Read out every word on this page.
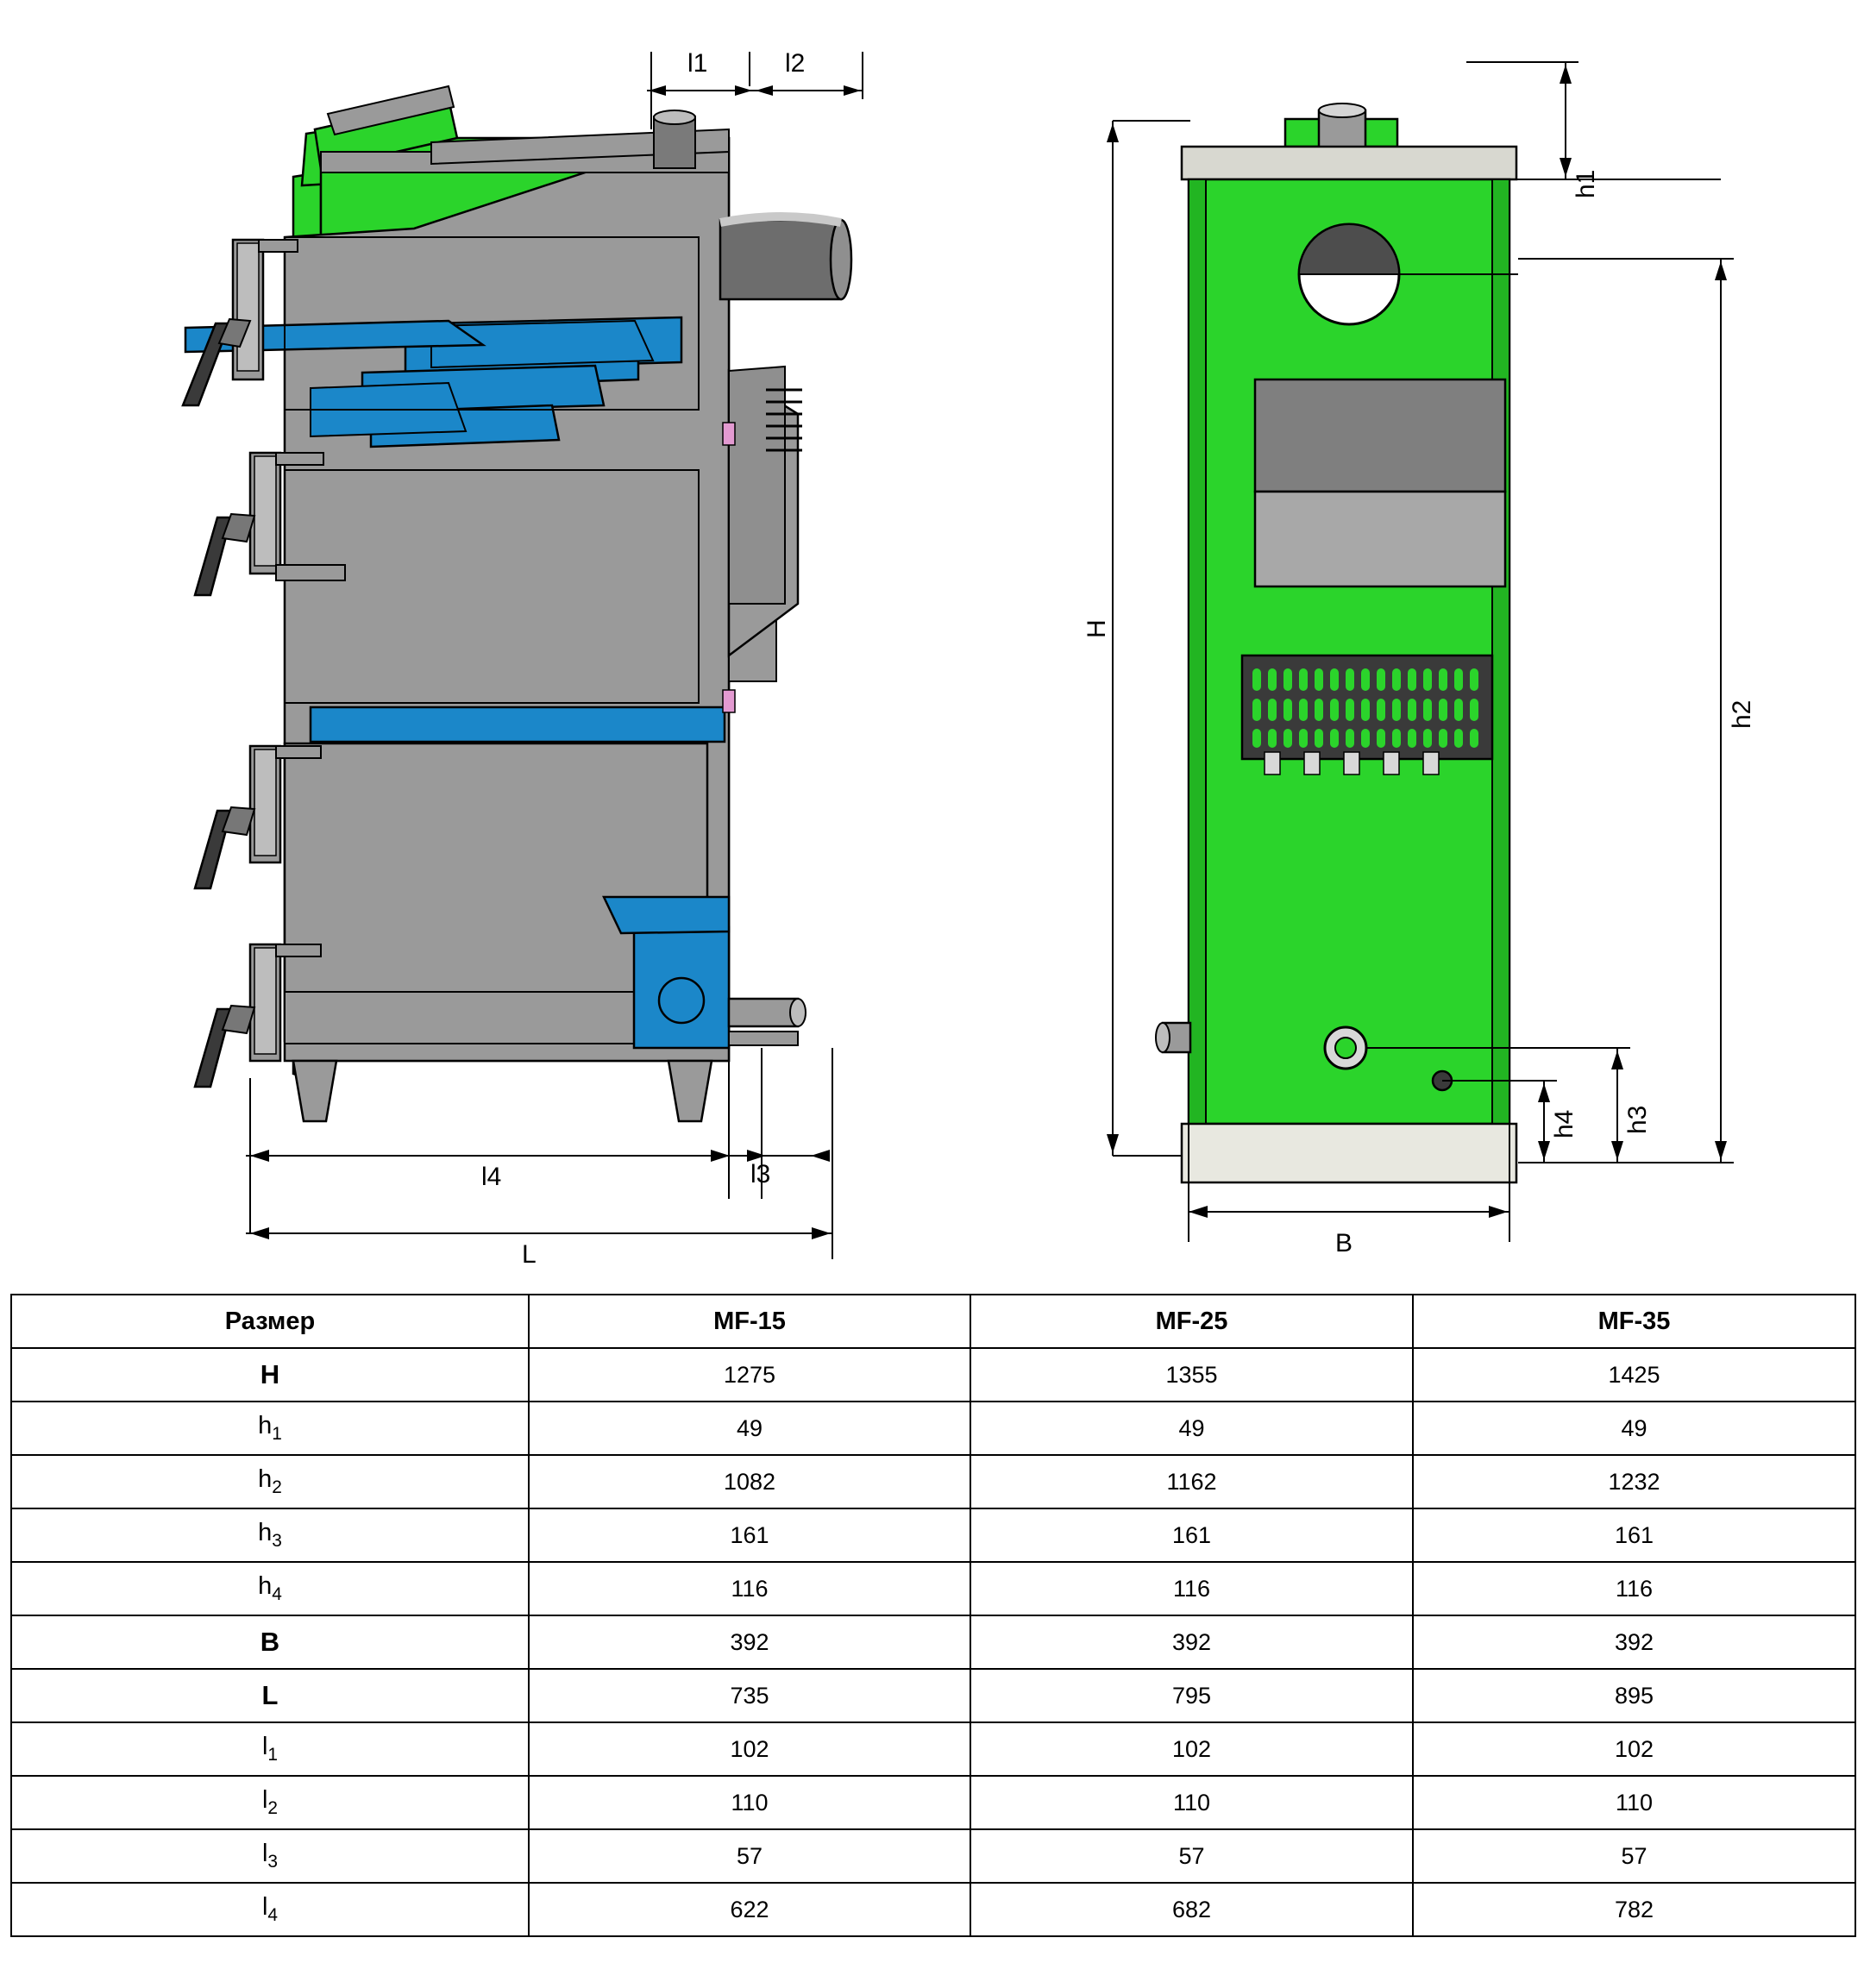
l1	l2
l3
l4
L
h1
h2
h3
h4
H
B
Размер	MF-15	MF-25	MF-35
H	1275	1355	1425
$h_1$	49	49	49
$h_2$	1082	1162	1232
$h_3$	161	161	161
$h_4$	116	116	116
B	392	392	392
L	735	795	895
$l_1$	102	102	102
$l_2$	110	110	110
$l_3$	57	57	57
$l_4$	622	682	782
